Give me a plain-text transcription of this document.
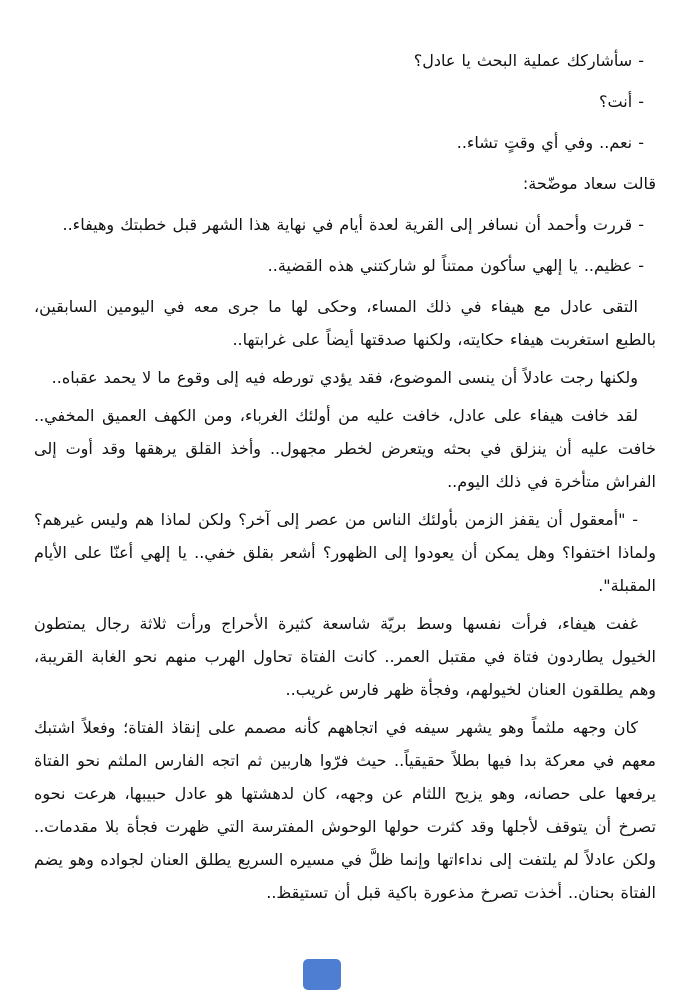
- سأشاركك عملية البحث يا عادل؟
- أنت؟
- نعم.. وفي أي وقتٍ تشاء..
قالت سعاد موضّحة:
- قررت وأحمد أن نسافر إلى القرية لعدة أيام في نهاية هذا الشهر قبل خطبتك وهيفاء..
- عظيم.. يا إلهي سأكون ممتناً لو شاركتني هذه القضية..
التقى عادل مع هيفاء في ذلك المساء، وحكى لها ما جرى معه في اليومين السابقين، بالطبع استغربت هيفاء حكايته، ولكنها صدقتها أيضاً على غرابتها..
ولكنها رجت عادلاً أن ينسى الموضوع، فقد يؤدي تورطه فيه إلى وقوع ما لا يحمد عقباه..
لقد خافت هيفاء على عادل، خافت عليه من أولئك الغرباء، ومن الكهف العميق المخفي.. خافت عليه أن ينزلق في بحثه ويتعرض لخطر مجهول.. وأخذ القلق يرهقها وقد أوت إلى الفراش متأخرة في ذلك اليوم..
- "أمعقول أن يقفز الزمن بأولئك الناس من عصر إلى آخر؟ ولكن لماذا هم وليس غيرهم؟ ولماذا اختفوا؟ وهل يمكن أن يعودوا إلى الظهور؟ أشعر بقلق خفي.. يا إلهي أعنّا على الأيام المقبلة".
غفت هيفاء، فرأت نفسها وسط بريّة شاسعة كثيرة الأحراج ورأت ثلاثة رجال يمتطون الخيول يطاردون فتاة في مقتبل العمر.. كانت الفتاة تحاول الهرب منهم نحو الغابة القريبة، وهم يطلقون العنان لخيولهم، وفجأة ظهر فارس غريب..
كان وجهه ملثماً وهو يشهر سيفه في اتجاههم كأنه مصمم على إنقاذ الفتاة؛ وفعلاً اشتبك معهم في معركة بدا فيها بطلاً حقيقياً.. حيث فرّوا هاربين ثم اتجه الفارس الملثم نحو الفتاة يرفعها على حصانه، وهو يزيح اللثام عن وجهه، كان لدهشتها هو عادل حبيبها، هرعت نحوه تصرخ أن يتوقف لأجلها وقد كثرت حولها الوحوش المفترسة التي ظهرت فجأة بلا مقدمات.. ولكن عادلاً لم يلتفت إلى نداءاتها وإنما ظلَّ في مسيره السريع يطلق العنان لجواده وهو يضم الفتاة بحنان.. أخذت تصرخ مذعورة باكية قبل أن تستيقظ..
